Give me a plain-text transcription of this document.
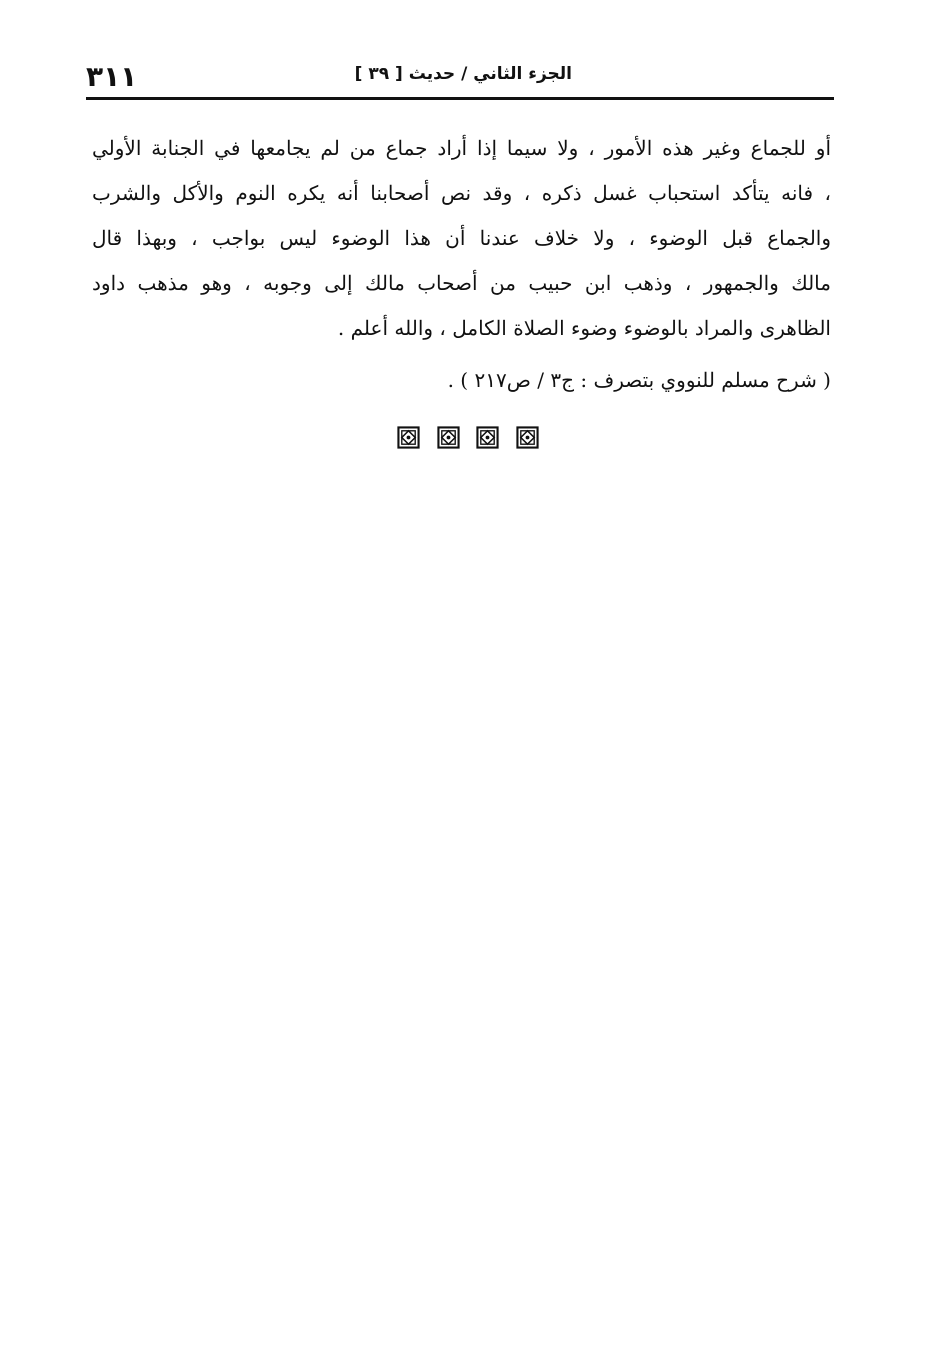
٣١١	الجزء الثاني / حديث [ ٣٩ ]
أو للجماع وغير هذه الأمور ، ولا سيما إذا أراد جماع من لم يجامعها في الجنابة الأولي
، فانه يتأكد استحباب غسل ذكره ، وقد نص أصحابنا أنه يكره النوم والأكل والشرب
والجماع قبل الوضوء ، ولا خلاف عندنا أن هذا الوضوء ليس بواجب ، وبهذا قال
مالك والجمهور ، وذهب ابن حبيب من أصحاب مالك إلى وجوبه ، وهو مذهب داود
الظاهرى والمراد بالوضوء وضوء الصلاة الكامل ، والله أعلم .
( شرح مسلم للنووي بتصرف : ج٣ / ص٢١٧ ) .
